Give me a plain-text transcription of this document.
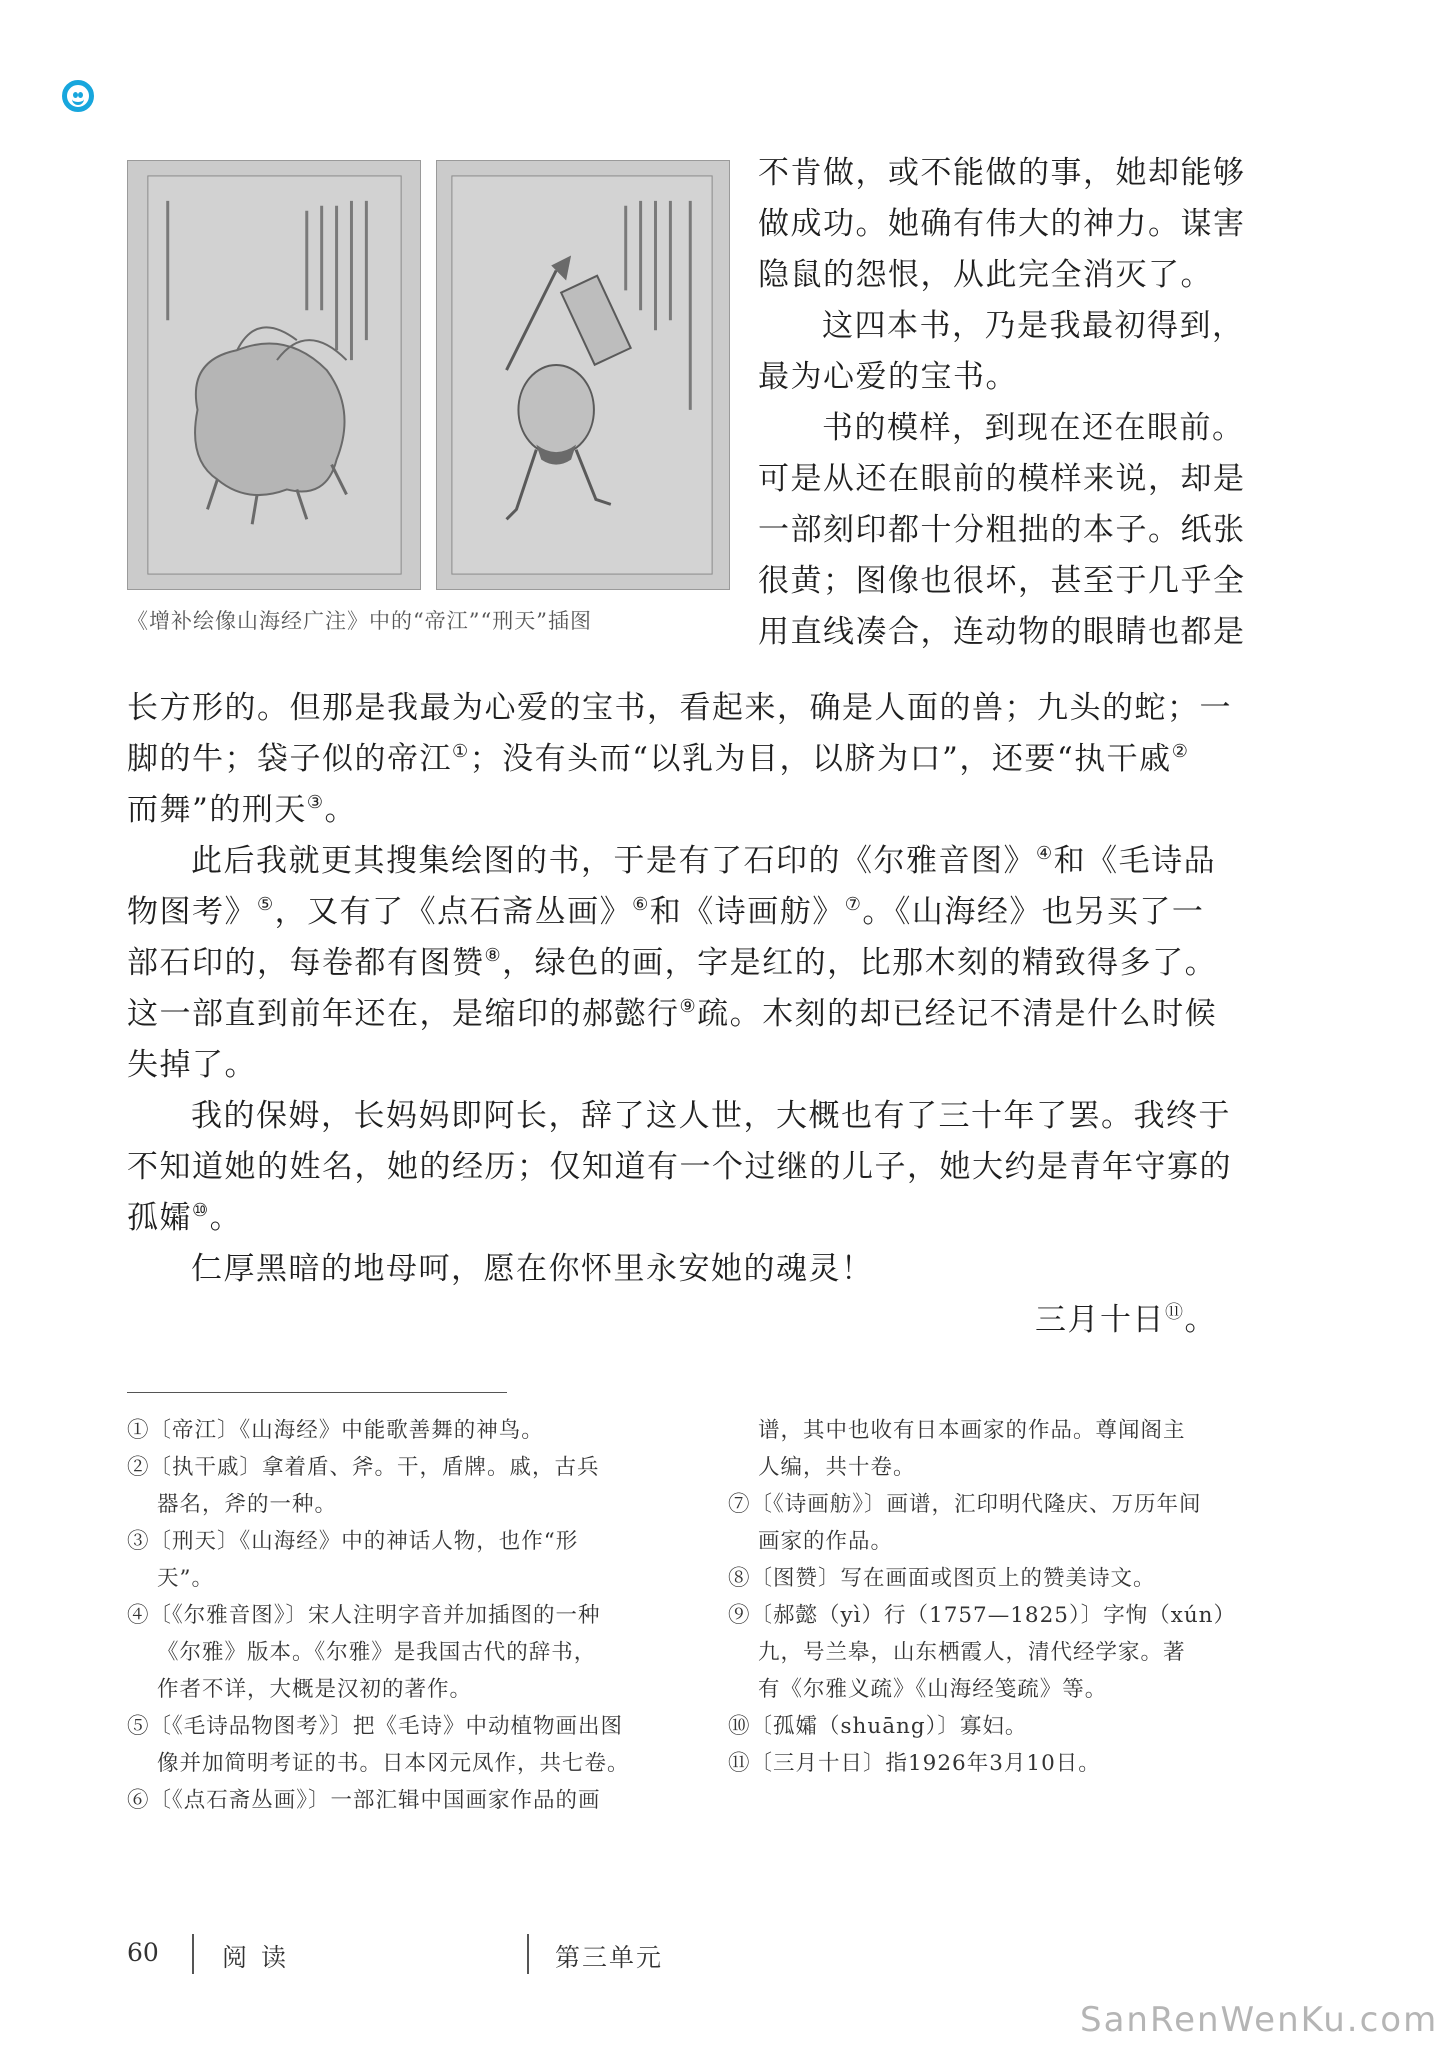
《增补绘像山海经广注》中的“帝江”“刑天”插图

不肯做，或不能做的事，她却能够

做成功。她确有伟大的神力。谋害

隐鼠的怨恨，从此完全消灭了。

这四本书，乃是我最初得到，

最为心爱的宝书。

书的模样，到现在还在眼前。

可是从还在眼前的模样来说，却是

一部刻印都十分粗拙的本子。纸张

很黄；图像也很坏，甚至于几乎全

用直线凑合，连动物的眼睛也都是

长方形的。但那是我最为心爱的宝书，看起来，确是人面的兽；九头的蛇；一

脚的牛；袋子似的帝江①；没有头而“以乳为目，以脐为口”，还要“执干戚②

而舞”的刑天③。

此后我就更其搜集绘图的书，于是有了石印的《尔雅音图》④和《毛诗品

物图考》⑤，又有了《点石斋丛画》⑥和《诗画舫》⑦。《山海经》也另买了一

部石印的，每卷都有图赞⑧，绿色的画，字是红的，比那木刻的精致得多了。

这一部直到前年还在，是缩印的郝懿行⑨疏。木刻的却已经记不清是什么时候

失掉了。

我的保姆，长妈妈即阿长，辞了这人世，大概也有了三十年了罢。我终于

不知道她的姓名，她的经历；仅知道有一个过继的儿子，她大约是青年守寡的

孤孀⑩。

仁厚黑暗的地母呵，愿在你怀里永安她的魂灵！

三月十日⑪。

①〔帝江〕《山海经》中能歌善舞的神鸟。

②〔执干戚〕拿着盾、斧。干，盾牌。戚，古兵

器名，斧的一种。

③〔刑天〕《山海经》中的神话人物，也作“形

天”。

④〔《尔雅音图》〕宋人注明字音并加插图的一种

《尔雅》版本。《尔雅》是我国古代的辞书，

作者不详，大概是汉初的著作。

⑤〔《毛诗品物图考》〕把《毛诗》中动植物画出图

像并加简明考证的书。日本冈元凤作，共七卷。

⑥〔《点石斋丛画》〕一部汇辑中国画家作品的画

谱，其中也收有日本画家的作品。尊闻阁主

人编，共十卷。

⑦〔《诗画舫》〕画谱，汇印明代隆庆、万历年间

画家的作品。

⑧〔图赞〕写在画面或图页上的赞美诗文。

⑨〔郝懿（yì）行（1757—1825）〕字恂（xún）

九，号兰皋，山东栖霞人，清代经学家。著

有《尔雅义疏》《山海经笺疏》等。

⑩〔孤孀（shuāng）〕寡妇。

⑪〔三月十日〕指1926年3月10日。

60	阅读	第三单元
SanRenWenKu.com
